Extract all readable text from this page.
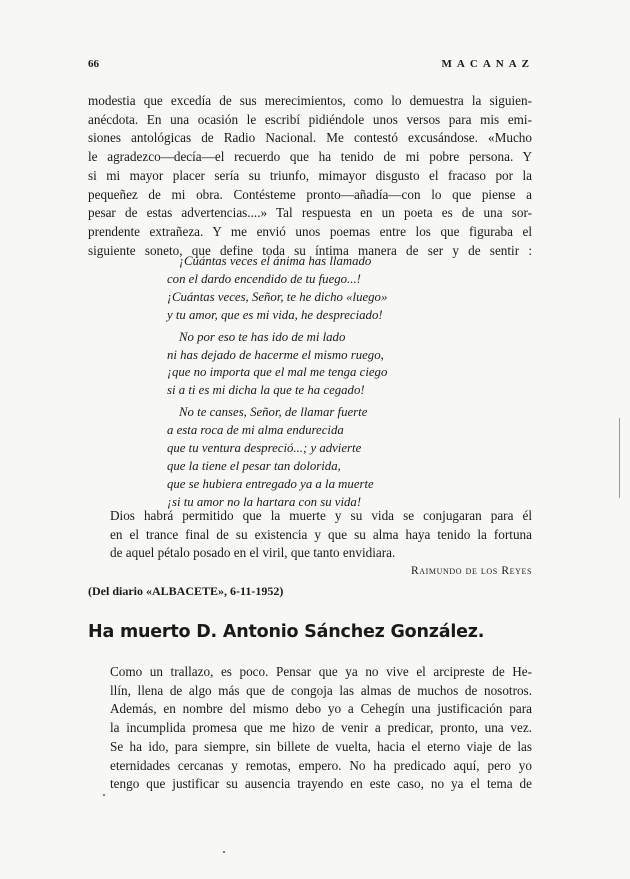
66	MACANAZ
modestia que excedía de sus merecimientos, como lo demuestra la siguien-
anécdota. En una ocasión le escribí pidiéndole unos versos para mis emi-
siones antológicas de Radio Nacional. Me contestó excusándose. «Mucho
le agradezco—decía—el recuerdo que ha tenido de mi pobre persona. Y
si mi mayor placer sería su triunfo, mimayor disgusto el fracaso por la
pequeñez de mi obra. Contésteme pronto—añadía—con lo que piense a
pesar de estas advertencias....» Tal respuesta en un poeta es de una sor-
prendente extrañeza. Y me envió unos poemas entre los que figuraba el
siguiente soneto, que define toda su íntima manera de ser y de sentir :
¡Cuántas veces el ánima has llamado
con el dardo encendido de tu fuego...!
¡Cuántas veces, Señor, te he dicho «luego»
y tu amor, que es mi vida, he despreciado!
No por eso te has ido de mi lado
ni has dejado de hacerme el mismo ruego,
¡que no importa que el mal me tenga ciego
si a ti es mi dicha la que te ha cegado!
No te canses, Señor, de llamar fuerte
a esta roca de mi alma endurecida
que tu ventura despreció...; y advierte
que la tiene el pesar tan dolorida,
que se hubiera entregado ya a la muerte
¡si tu amor no la hartara con su vida!
Dios habrá permitido que la muerte y su vida se conjugaran para él
en el trance final de su existencia y que su alma haya tenido la fortuna
de aquel pétalo posado en el viril, que tanto envidiara.
Raimundo de los Reyes
(Del diario «ALBACETE», 6-11-1952)
Ha muerto D. Antonio Sánchez González.
Como un trallazo, es poco. Pensar que ya no vive el arcipreste de He-
llín, llena de algo más que de congoja las almas de muchos de nosotros.
Además, en nombre del mismo debo yo a Cehegín una justificación para
la incumplida promesa que me hizo de venir a predicar, pronto, una vez.
Se ha ido, para siempre, sin billete de vuelta, hacia el eterno viaje de las
eternidades cercanas y remotas, empero. No ha predicado aquí, pero yo
tengo que justificar su ausencia trayendo en este caso, no ya el tema de
